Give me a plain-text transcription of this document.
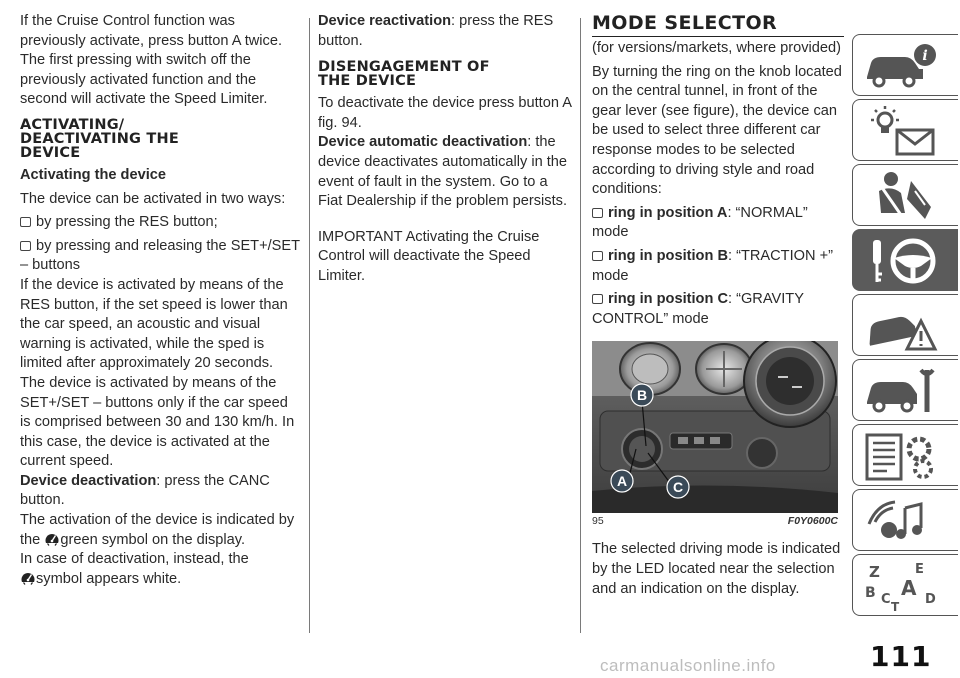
If the Cruise Control function was previously activate, press button A twice. The first pressing with switch off the previously activated function and the second will activate the Speed Limiter.

ACTIVATING/
DEACTIVATING THE
DEVICE

Activating the device

The device can be activated in two ways:

by pressing the RES button;

by pressing and releasing the SET+/SET – buttons

If the device is activated by means of the RES button, if the set speed is lower than the car speed, an acoustic and visual warning is activated, while the sped is limited after approximately 20 seconds.

The device is activated by means of the SET+/SET – buttons only if the car speed is comprised between 30 and 130 km/h. In this case, the device is activated at the current speed.

Device deactivation: press the CANC button.

The activation of the device is indicated by the green symbol on the display.
In case of deactivation, instead, the
symbol appears white.

Device reactivation: press the RES button.

DISENGAGEMENT OF
THE DEVICE

To deactivate the device press button A fig. 94.

Device automatic deactivation: the device deactivates automatically in the event of fault in the system. Go to a Fiat Dealership if the problem persists.

IMPORTANT Activating the Cruise Control will deactivate the Speed Limiter.

MODE SELECTOR

(for versions/markets, where provided)

By turning the ring on the knob located on the central tunnel, in front of the gear lever (see figure), the device can be used to select three different car response modes to be selected according to driving style and road conditions:

ring in position A: “NORMAL” mode

ring in position B: “TRACTION +” mode

ring in position C: “GRAVITY CONTROL” mode

B
A	C
95	F0Y0600C

The selected driving mode is indicated by the LED located near the selection and an indication on the display.

i
Z	E
B A
C	D
T
111
carmanualsonline.info
